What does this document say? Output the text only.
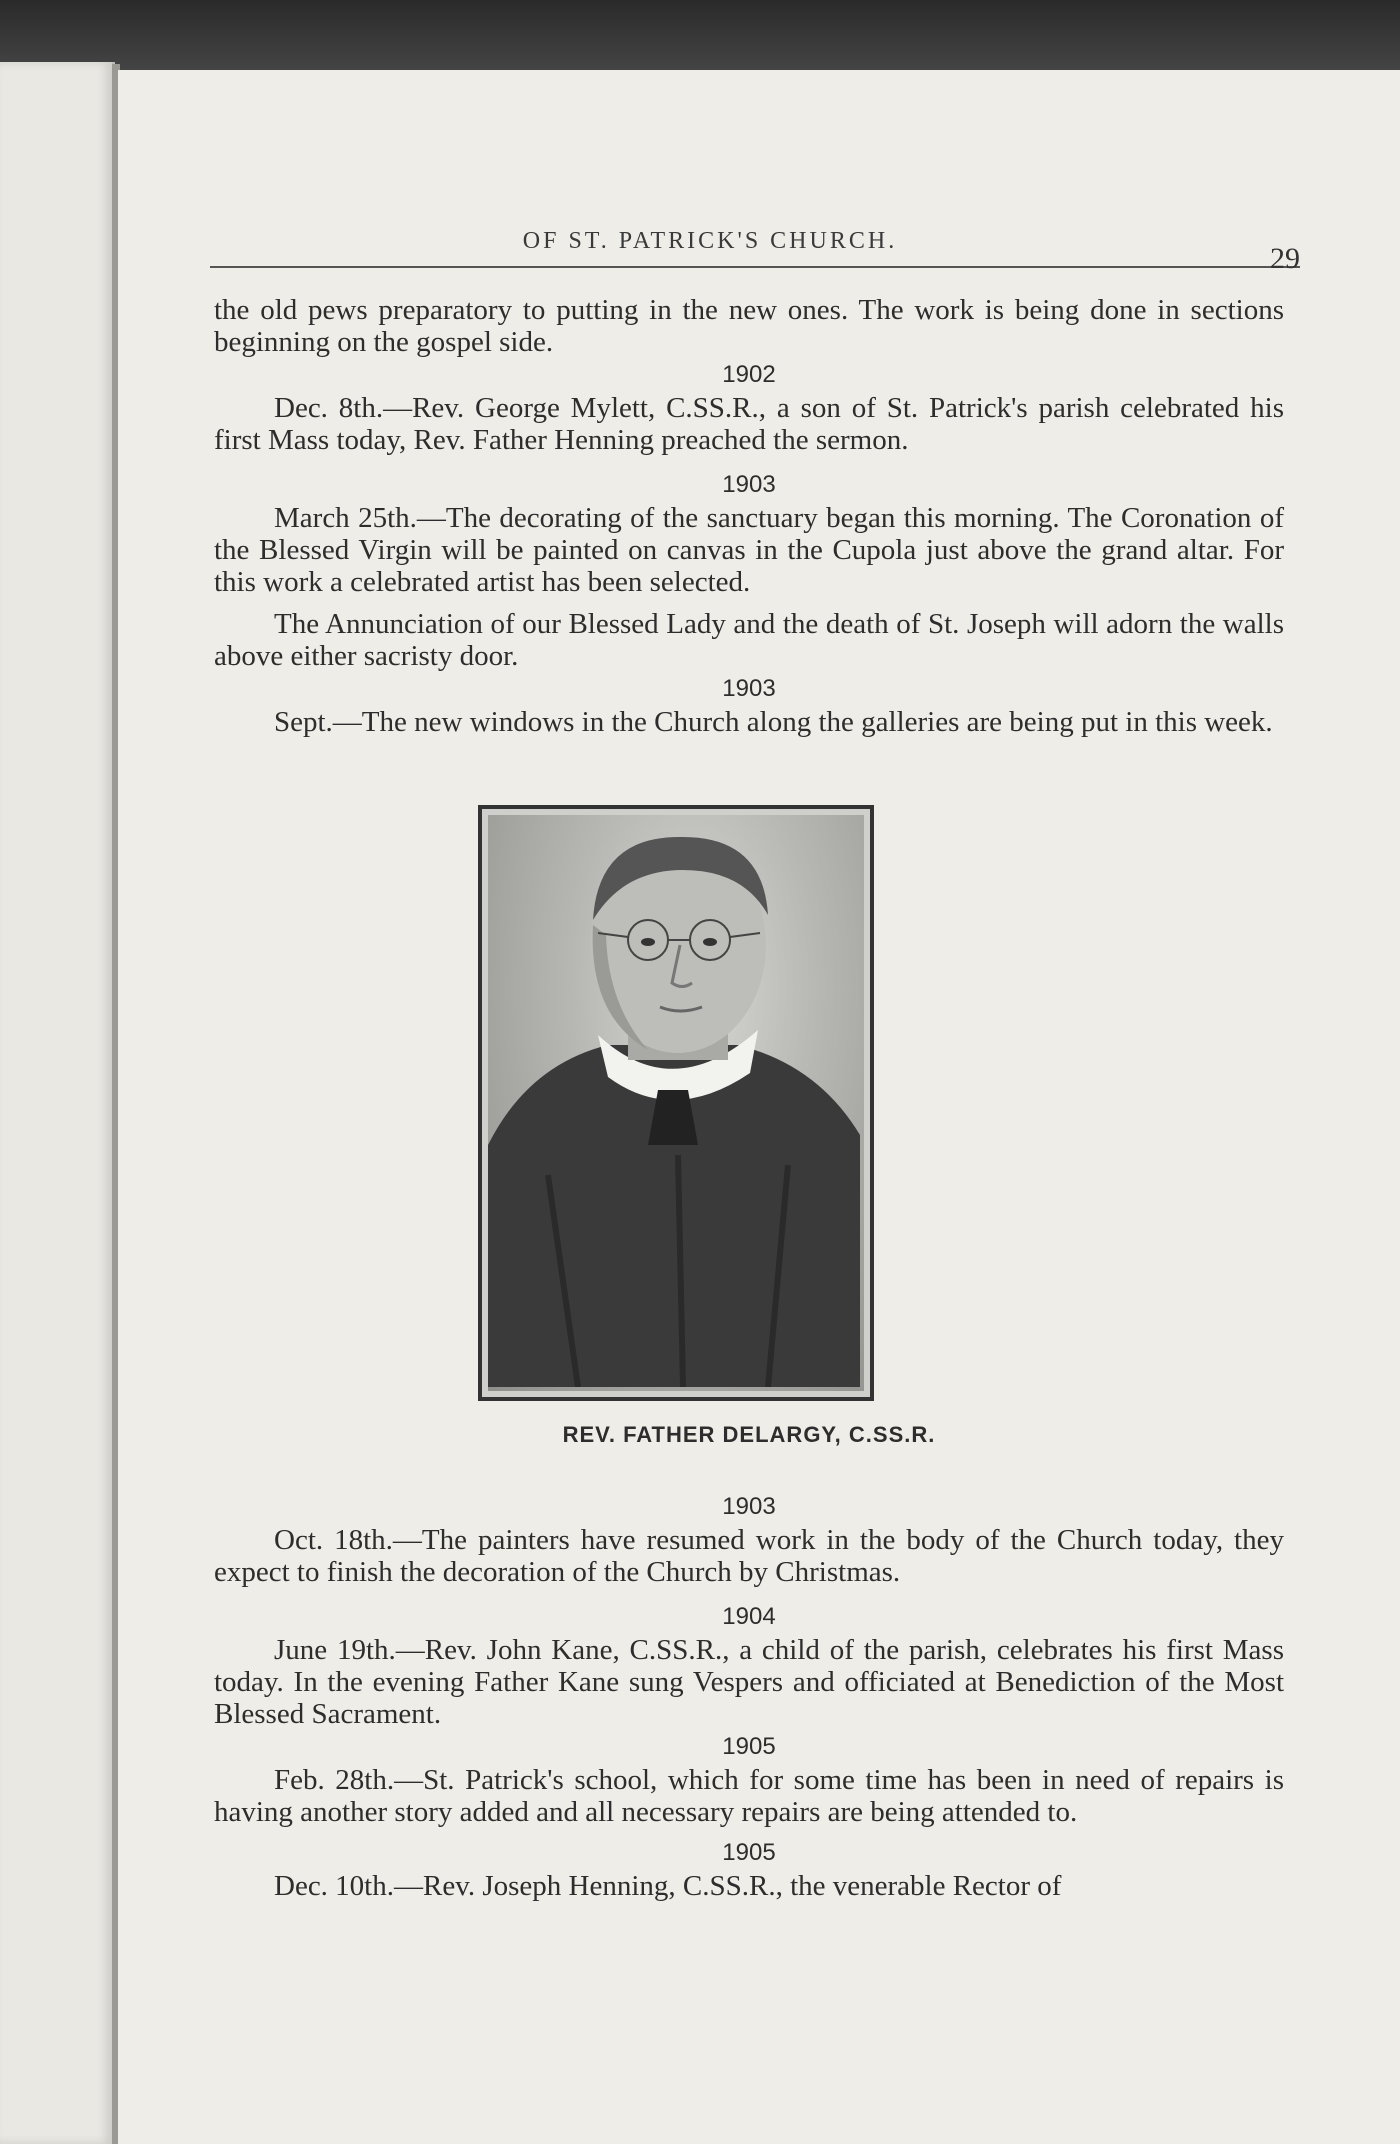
OF ST. PATRICK'S CHURCH.
29

the old pews preparatory to putting in the new ones. The work is being done in sections beginning on the gospel side.

1902

Dec. 8th.—Rev. George Mylett, C.SS.R., a son of St. Patrick's parish celebrated his first Mass today, Rev. Father Henning preached the sermon.

1903

March 25th.—The decorating of the sanctuary began this morning. The Coronation of the Blessed Virgin will be painted on canvas in the Cupola just above the grand altar. For this work a celebrated artist has been selected.

The Annunciation of our Blessed Lady and the death of St. Joseph will adorn the walls above either sacristy door.

1903

Sept.—The new windows in the Church along the galleries are being put in this week.

REV. FATHER DELARGY, C.SS.R.
1903

Oct. 18th.—The painters have resumed work in the body of the Church today, they expect to finish the decoration of the Church by Christmas.

1904

June 19th.—Rev. John Kane, C.SS.R., a child of the parish, celebrates his first Mass today. In the evening Father Kane sung Vespers and officiated at Benediction of the Most Blessed Sacrament.

1905

Feb. 28th.—St. Patrick's school, which for some time has been in need of repairs is having another story added and all necessary repairs are being attended to.

1905

Dec. 10th.—Rev. Joseph Henning, C.SS.R., the venerable Rector of
